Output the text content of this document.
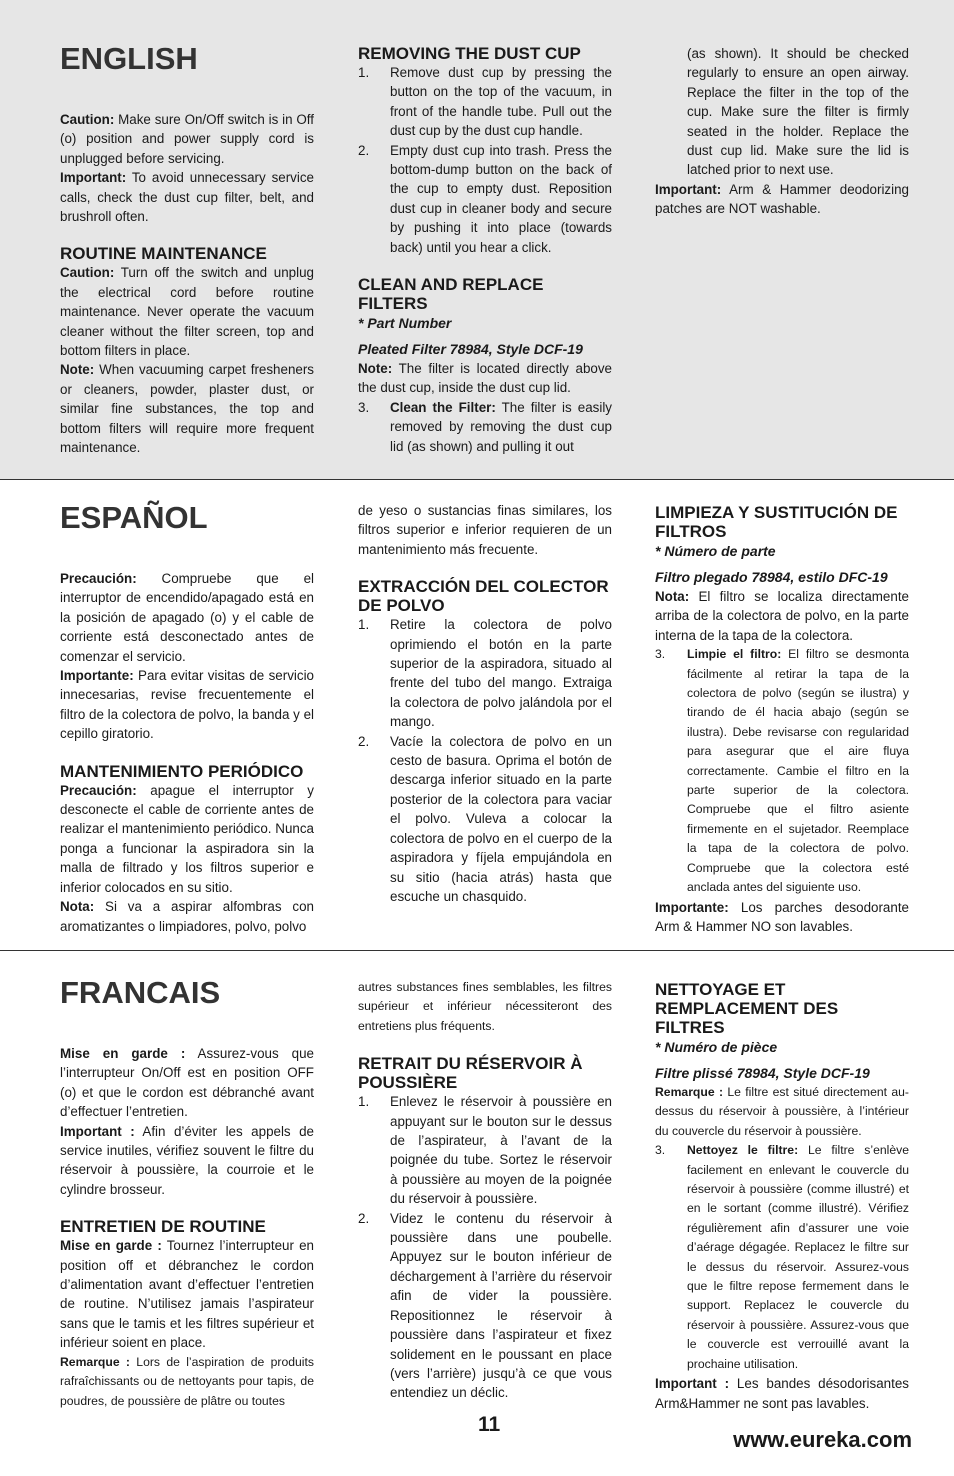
ENGLISH

Caution: Make sure On/Off switch is in Off (o) position and power supply cord is unplugged before servicing.

Important: To avoid unnecessary service calls, check the dust cup filter, belt, and brushroll often.

ROUTINE MAINTENANCE

Caution: Turn off the switch and unplug the electrical cord before routine maintenance. Never operate the vacuum cleaner without the filter screen, top and bottom filters in place.

Note: When vacuuming carpet fresheners or cleaners, powder, plaster dust, or similar fine substances, the top and bottom filters will require more frequent maintenance.

REMOVING THE DUST CUP
1. Remove dust cup by pressing the button on the top of the vacuum, in front of the handle tube. Pull out the dust cup by the dust cup handle.
2. Empty dust cup into trash. Press the bottom-dump button on the back of the cup to empty dust. Reposition dust cup in cleaner body and secure by pushing it into place (towards back) until you hear a click.
CLEAN AND REPLACE FILTERS

* Part Number

Pleated Filter 78984, Style DCF-19

Note: The filter is located directly above the dust cup, inside the dust cup lid.

3. Clean the Filter: The filter is easily removed by removing the dust cup lid (as shown) and pulling it out

(as shown). It should be checked regularly to ensure an open airway. Replace the filter in the top of the cup. Make sure the filter is firmly seated in the holder. Replace the dust cup lid. Make sure the lid is latched prior to next use.

Important: Arm & Hammer deodorizing patches are NOT washable.

ESPAÑOL

Precaución: Compruebe que el interruptor de encendido/apagado está en la posición de apagado (o) y el cable de corriente está desconectado antes de comenzar el servicio.

Importante: Para evitar visitas de servicio innecesarias, revise frecuentemente el filtro de la colectora de polvo, la banda y el cepillo giratorio.

MANTENIMIENTO PERIÓDICO

Precaución: apague el interruptor y desconecte el cable de corriente antes de realizar el mantenimiento periódico. Nunca ponga a funcionar la aspiradora sin la malla de filtrado y los filtros superior e inferior colocados en su sitio.

Nota: Si va a aspirar alfombras con aromatizantes o limpiadores, polvo, polvo

de yeso o sustancias finas similares, los filtros superior e inferior requieren de un mantenimiento más frecuente.

EXTRACCIÓN DEL COLECTOR DE POLVO
1. Retire la colectora de polvo oprimiendo el botón en la parte superior de la aspiradora, situado al frente del tubo del mango. Extraiga la colectora de polvo jalándola por el mango.
2. Vacíe la colectora de polvo en un cesto de basura. Oprima el botón de descarga inferior situado en la parte posterior de la colectora para vaciar el polvo. Vuleva a colocar la colectora de polvo en el cuerpo de la aspiradora y fíjela empujándola en su sitio (hacia atrás) hasta que escuche un chasquido.
LIMPIEZA Y SUSTITUCIÓN DE FILTROS

* Número de parte

Filtro plegado 78984, estilo DFC-19

Nota: El filtro se localiza directamente arriba de la colectora de polvo, en la parte interna de la tapa de la colectora.

3. Limpie el filtro: El filtro se desmonta fácilmente al retirar la tapa de la colectora de polvo (según se ilustra) y tirando de él hacia abajo (según se ilustra). Debe revisarse con regularidad para asegurar que el aire fluya correctamente. Cambie el filtro en la parte superior de la colectora. Compruebe que el filtro asiente firmemente en el sujetador. Reemplace la tapa de la colectora de polvo. Compruebe que la colectora esté anclada antes del siguiente uso.

Importante: Los parches desodorante Arm & Hammer NO son lavables.

FRANCAIS

Mise en garde : Assurez-vous que l’interrupteur On/Off est en position OFF (o) et que le cordon est débranché avant d’effectuer l’entretien.

Important : Afin d’éviter les appels de service inutiles, vérifiez souvent le filtre du réservoir à poussière, la courroie et le cylindre brosseur.

ENTRETIEN DE ROUTINE

Mise en garde : Tournez l’interrupteur en position off et débranchez le cordon d’alimentation avant d’effectuer l’entretien de routine. N’utilisez jamais l’aspirateur sans que le tamis et les filtres supérieur et inférieur soient en place.

Remarque : Lors de l’aspiration de produits rafraîchissants ou de nettoyants pour tapis, de poudres, de poussière de plâtre ou toutes

autres substances fines semblables, les filtres supérieur et inférieur nécessiteront des entretiens plus fréquents.

RETRAIT DU RÉSERVOIR À POUSSIÈRE
1. Enlevez le réservoir à poussière en appuyant sur le bouton sur le dessus de l’aspirateur, à l’avant de la poignée du tube. Sortez le réservoir à poussière au moyen de la poignée du réservoir à poussière.
2. Videz le contenu du réservoir à poussière dans une poubelle. Appuyez sur le bouton inférieur de déchargement à l’arrière du réservoir afin de vider la poussière. Repositionnez le réservoir à poussière dans l’aspirateur et fixez solidement en le poussant en place (vers l’arrière) jusqu’à ce que vous entendiez un déclic.
NETTOYAGE ET REMPLACEMENT DES FILTRES

* Numéro de pièce

Filtre plissé 78984, Style DCF-19

Remarque : Le filtre est situé directement au-dessus du réservoir à poussière, à l’intérieur du couvercle du réservoir à poussière.

3. Nettoyez le filtre: Le filtre s’enlève facilement en enlevant le couvercle du réservoir à poussière (comme illustré) et en le sortant (comme illustré). Vérifiez régulièrement afin d’assurer une voie d’aérage dégagée. Replacez le filtre sur le dessus du réservoir. Assurez-vous que le filtre repose fermement dans le support. Replacez le couvercle du réservoir à poussière. Assurez-vous que le couvercle est verrouillé avant la prochaine utilisation.

Important : Les bandes désodorisantes Arm&Hammer ne sont pas lavables.

11
www.eureka.com
